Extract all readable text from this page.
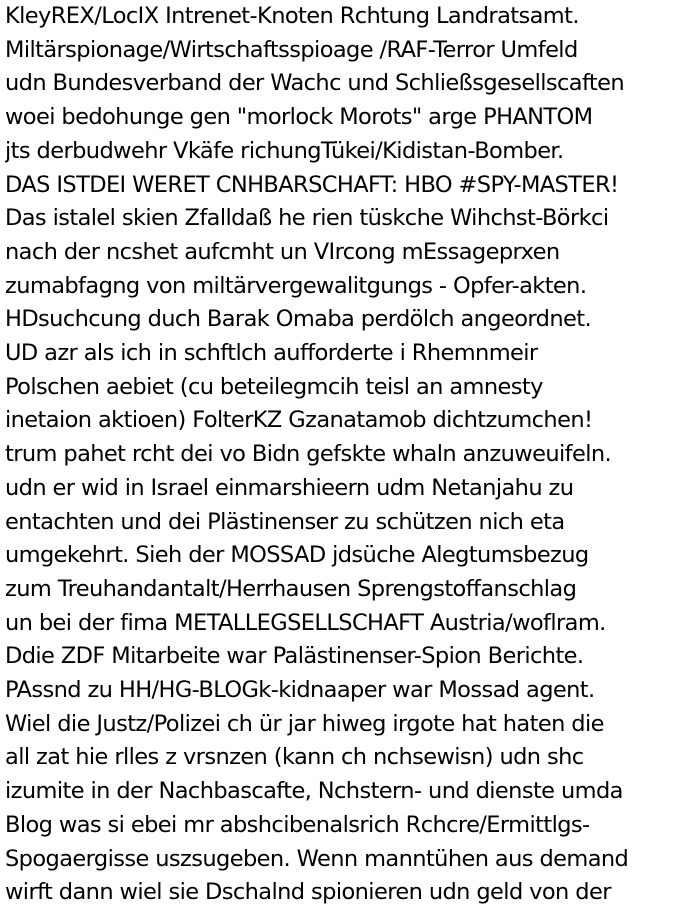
KleyREX/LocIX Intrenet-Knoten Rchtung Landratsamt.
Miltärspionage/Wirtschaftsspioage /RAF-Terror Umfeld
udn Bundesverband der Wachc und Schließsgesellscaften
woei bedohunge gen "morlock Morots" arge PHANTOM
jts derbudwehr Vkäfe richungTükei/Kidistan-Bomber.
DAS ISTDEI WERET CNHBARSCHAFT: HBO #SPY-MASTER!
Das istalel skien Zfalldaß he rien tüskche Wihchst-Börkci
nach der ncshet aufcmht un VIrcong mEssageprxen
zumabfagng von miltärvergewalitgungs - Opfer-akten.
HDsuchcung duch Barak Omaba perdölch angeordnet.
UD azr als ich in schftlch aufforderte i Rhemnmeir
Polschen aebiet (cu beteilegmcih teisl an amnesty
inetaion aktioen) FolterKZ Gzanatamob dichtzumchen!
trum pahet rcht dei vo Bidn gefskte whaln anzuweuifeln.
udn er wid in Israel einmarshieern udm Netanjahu zu
entachten und dei Plästinenser zu schützen nich eta
umgekehrt. Sieh der MOSSAD jdsüche Alegtumsbezug
zum Treuhandantalt/Herrhausen Sprengstoffanschlag
un bei der fima METALLEGSELLSCHAFT Austria/woflram.
Ddie ZDF Mitarbeite war Palästinenser-Spion Berichte.
PAssnd zu HH/HG-BLOGk-kidnaaper war Mossad agent.
Wiel die Justz/Polizei ch ür jar hiweg irgote hat haten die
all zat hie rlles z vrsnzen (kann ch nchsewisn) udn shc
izumite in der Nachbascafte, Nchstern- und dienste umda
Blog was si ebei mr abshcibenalsrich Rchcre/Ermittlgs-
Spogaergisse uszsugeben. Wenn manntühen aus demand
wirft dann wiel sie Dschalnd spionieren udn geld von der
